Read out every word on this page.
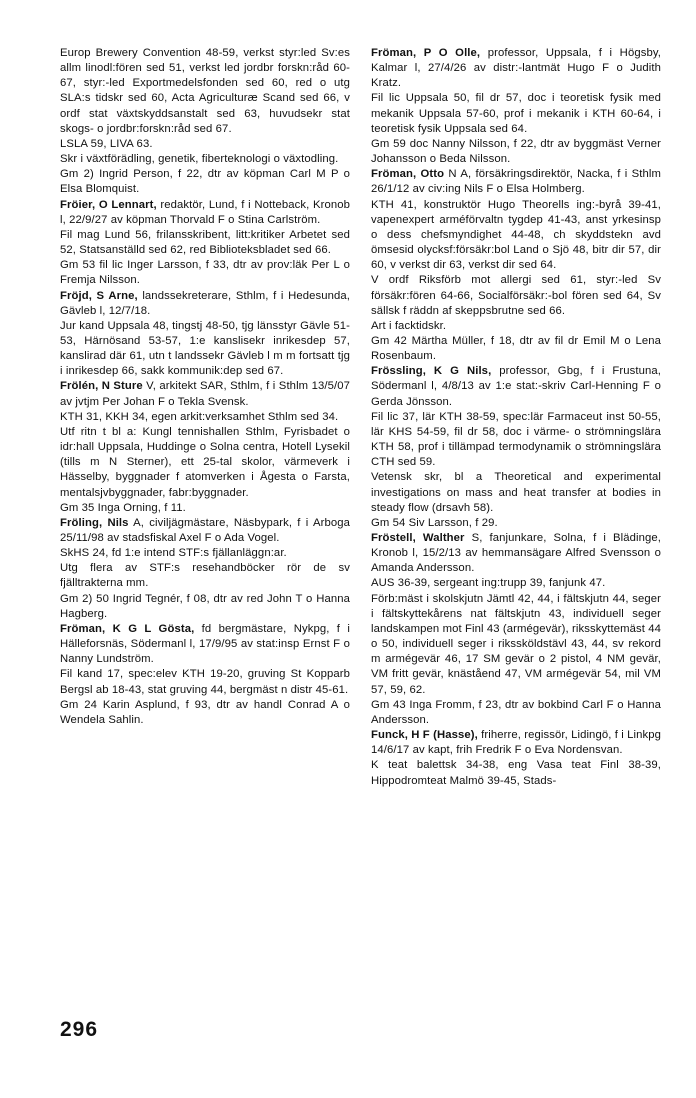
Europ Brewery Convention 48-59, verkst styr:led Sv:es allm linodl:fören sed 51, verkst led jordbr forskn:råd 60-67, styr:-led Exportmedelsfonden sed 60, red o utg SLA:s tidskr sed 60, Acta Agriculturæ Scand sed 66, v ordf stat växtskyddsanstalt sed 63, huvudsekr stat skogs- o jordbr:forskn:råd sed 67.

LSLA 59, LIVA 63.

Skr i växtförädling, genetik, fiberteknologi o växtodling.

Gm 2) Ingrid Person, f 22, dtr av köpman Carl M P o Elsa Blomquist.

Fröier, O Lennart, redaktör, Lund, f i Notteback, Kronob l, 22/9/27 av köpman Thorvald F o Stina Carlström.

Fil mag Lund 56, frilansskribent, litt:kritiker Arbetet sed 52, Statsanställd sed 62, red Biblioteksbladet sed 66.

Gm 53 fil lic Inger Larsson, f 33, dtr av prov:läk Per L o Fremja Nilsson.

Fröjd, S Arne, landssekreterare, Sthlm, f i Hedesunda, Gävleb l, 12/7/18.

Jur kand Uppsala 48, tingstj 48-50, tjg länsstyr Gävle 51-53, Härnösand 53-57, 1:e kanslisekr inrikesdep 57, kanslirad där 61, utn t landssekr Gävleb l m m fortsatt tjg i inrikesdep 66, sakk kommunik:dep sed 67.

Frölén, N Sture V, arkitekt SAR, Sthlm, f i Sthlm 13/5/07 av jvtjm Per Johan F o Tekla Svensk.

KTH 31, KKH 34, egen arkit:verksamhet Sthlm sed 34.

Utf ritn t bl a: Kungl tennishallen Sthlm, Fyrisbadet o idr:hall Uppsala, Huddinge o Solna centra, Hotell Lysekil (tills m N Sterner), ett 25-tal skolor, värmeverk i Hässelby, byggnader f atomverken i Ågesta o Farsta, mentalsjvbyggnader, fabr:byggnader.

Gm 35 Inga Orning, f 11.

Fröling, Nils A, civiljägmästare, Näsbypark, f i Arboga 25/11/98 av stadsfiskal Axel F o Ada Vogel.

SkHS 24, fd 1:e intend STF:s fjällanläggn:ar.

Utg flera av STF:s resehandböcker rör de sv fjälltrakterna mm.

Gm 2) 50 Ingrid Tegnér, f 08, dtr av red John T o Hanna Hagberg.

Fröman, K G L Gösta, fd bergmästare, Nykpg, f i Hälleforsnäs, Södermanl l, 17/9/95 av stat:insp Ernst F o Nanny Lundström.

Fil kand 17, spec:elev KTH 19-20, gruving St Kopparb Bergsl ab 18-43, stat gruving 44, bergmäst n distr 45-61.

Gm 24 Karin Asplund, f 93, dtr av handl Conrad A o Wendela Sahlin.

Fröman, P O Olle, professor, Uppsala, f i Högsby, Kalmar l, 27/4/26 av distr:-lantmät Hugo F o Judith Kratz.

Fil lic Uppsala 50, fil dr 57, doc i teoretisk fysik med mekanik Uppsala 57-60, prof i mekanik i KTH 60-64, i teoretisk fysik Uppsala sed 64.

Gm 59 doc Nanny Nilsson, f 22, dtr av byggmäst Verner Johansson o Beda Nilsson.

Fröman, Otto N A, försäkringsdirektör, Nacka, f i Sthlm 26/1/12 av civ:ing Nils F o Elsa Holmberg.

KTH 41, konstruktör Hugo Theorells ing:-byrå 39-41, vapenexpert arméförvaltn tygdep 41-43, anst yrkesinsp o dess chefsmyndighet 44-48, ch skyddstekn avd ömsesid olycksf:försäkr:bol Land o Sjö 48, bitr dir 57, dir 60, v verkst dir 63, verkst dir sed 64.

V ordf Riksförb mot allergi sed 61, styr:-led Sv försäkr:fören 64-66, Socialförsäkr:-bol fören sed 64, Sv sällsk f räddn af skeppsbrutne sed 66.

Art i facktidskr.

Gm 42 Märtha Müller, f 18, dtr av fil dr Emil M o Lena Rosenbaum.

Frössling, K G Nils, professor, Gbg, f i Frustuna, Södermanl l, 4/8/13 av 1:e stat:-skriv Carl-Henning F o Gerda Jönsson.

Fil lic 37, lär KTH 38-59, spec:lär Farmaceut inst 50-55, lär KHS 54-59, fil dr 58, doc i värme- o strömningslära KTH 58, prof i tillämpad termodynamik o strömningslära CTH sed 59.

Vetensk skr, bl a Theoretical and experimental investigations on mass and heat transfer at bodies in steady flow (drsavh 58).

Gm 54 Siv Larsson, f 29.

Fröstell, Walther S, fanjunkare, Solna, f i Blädinge, Kronob l, 15/2/13 av hemmansägare Alfred Svensson o Amanda Andersson.

AUS 36-39, sergeant ing:trupp 39, fanjunk 47.

Förb:mäst i skolskjutn Jämtl 42, 44, i fältskjutn 44, seger i fältskyttekårens nat fältskjutn 43, individuell seger landskampen mot Finl 43 (armégevär), riksskyttemäst 44 o 50, individuell seger i rikssköldstävl 43, 44, sv rekord m armégevär 46, 17 SM gevär o 2 pistol, 4 NM gevär, VM fritt gevär, knäståend 47, VM armégevär 54, mil VM 57, 59, 62.

Gm 43 Inga Fromm, f 23, dtr av bokbind Carl F o Hanna Andersson.

Funck, H F (Hasse), friherre, regissör, Lidingö, f i Linkpg 14/6/17 av kapt, frih Fredrik F o Eva Nordensvan.

K teat balettsk 34-38, eng Vasa teat Finl 38-39, Hippodromteat Malmö 39-45, Stads-

296
